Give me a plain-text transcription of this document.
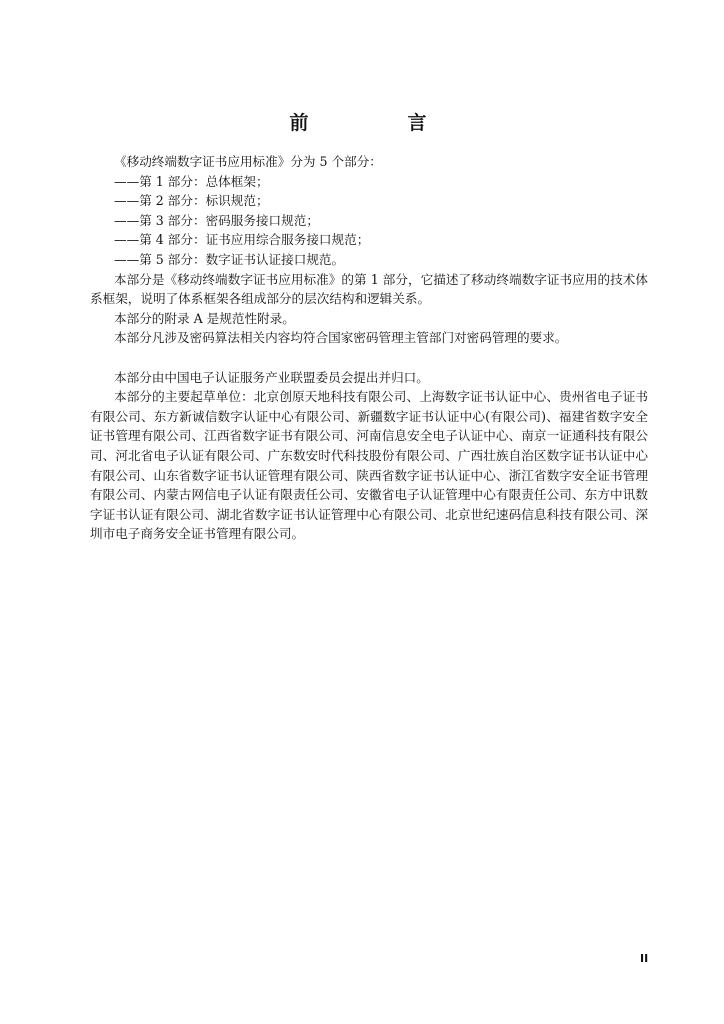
前　言
《移动终端数字证书应用标准》分为 5 个部分：
——第 1 部分：总体框架；
——第 2 部分：标识规范；
——第 3 部分：密码服务接口规范；
——第 4 部分：证书应用综合服务接口规范；
——第 5 部分：数字证书认证接口规范。
本部分是《移动终端数字证书应用标准》的第 1 部分，它描述了移动终端数字证书应用的技术体系框架，说明了体系框架各组成部分的层次结构和逻辑关系。
本部分的附录 A 是规范性附录。
本部分凡涉及密码算法相关内容均符合国家密码管理主管部门对密码管理的要求。
本部分由中国电子认证服务产业联盟委员会提出并归口。
本部分的主要起草单位：北京创原天地科技有限公司、上海数字证书认证中心、贵州省电子证书有限公司、东方新诚信数字认证中心有限公司、新疆数字证书认证中心(有限公司)、福建省数字安全证书管理有限公司、江西省数字证书有限公司、河南信息安全电子认证中心、南京一证通科技有限公司、河北省电子认证有限公司、广东数安时代科技股份有限公司、广西壮族自治区数字证书认证中心有限公司、山东省数字证书认证管理有限公司、陕西省数字证书认证中心、浙江省数字安全证书管理有限公司、内蒙古网信电子认证有限责任公司、安徽省电子认证管理中心有限责任公司、东方中讯数字证书认证有限公司、湖北省数字证书认证管理中心有限公司、北京世纪速码信息科技有限公司、深圳市电子商务安全证书管理有限公司。
II
